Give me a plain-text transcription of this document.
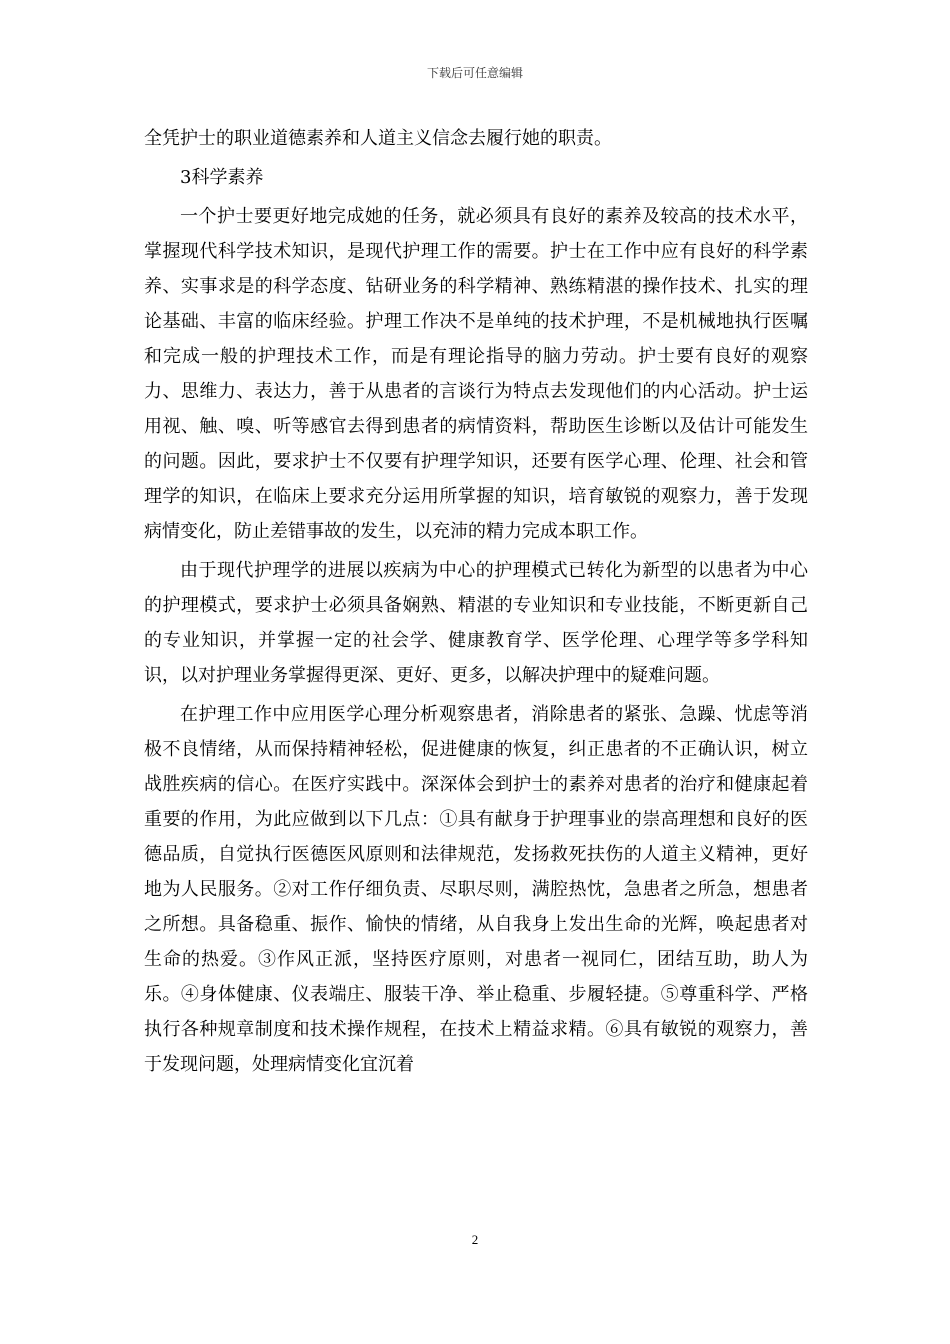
下载后可任意编辑

全凭护士的职业道德素养和人道主义信念去履行她的职责。

3科学素养

一个护士要更好地完成她的任务，就必须具有良好的素养及较高的技术水平，掌握现代科学技术知识，是现代护理工作的需要。护士在工作中应有良好的科学素养、实事求是的科学态度、钻研业务的科学精神、熟练精湛的操作技术、扎实的理论基础、丰富的临床经验。护理工作决不是单纯的技术护理，不是机械地执行医嘱和完成一般的护理技术工作，而是有理论指导的脑力劳动。护士要有良好的观察力、思维力、表达力，善于从患者的言谈行为特点去发现他们的内心活动。护士运用视、触、嗅、听等感官去得到患者的病情资料，帮助医生诊断以及估计可能发生的问题。因此，要求护士不仅要有护理学知识，还要有医学心理、伦理、社会和管理学的知识，在临床上要求充分运用所掌握的知识，培育敏锐的观察力，善于发现病情变化，防止差错事故的发生，以充沛的精力完成本职工作。

由于现代护理学的进展以疾病为中心的护理模式已转化为新型的以患者为中心的护理模式，要求护士必须具备娴熟、精湛的专业知识和专业技能，不断更新自己的专业知识，并掌握一定的社会学、健康教育学、医学伦理、心理学等多学科知识，以对护理业务掌握得更深、更好、更多，以解决护理中的疑难问题。

在护理工作中应用医学心理分析观察患者，消除患者的紧张、急躁、忧虑等消极不良情绪，从而保持精神轻松，促进健康的恢复，纠正患者的不正确认识，树立战胜疾病的信心。在医疗实践中。深深体会到护士的素养对患者的治疗和健康起着重要的作用，为此应做到以下几点：①具有献身于护理事业的崇高理想和良好的医德品质，自觉执行医德医风原则和法律规范，发扬救死扶伤的人道主义精神，更好地为人民服务。②对工作仔细负责、尽职尽则，满腔热忱，急患者之所急，想患者之所想。具备稳重、振作、愉快的情绪，从自我身上发出生命的光辉，唤起患者对生命的热爱。③作风正派，坚持医疗原则，对患者一视同仁，团结互助，助人为乐。④身体健康、仪表端庄、服装干净、举止稳重、步履轻捷。⑤尊重科学、严格执行各种规章制度和技术操作规程，在技术上精益求精。⑥具有敏锐的观察力，善于发现问题，处理病情变化宜沉着

2
